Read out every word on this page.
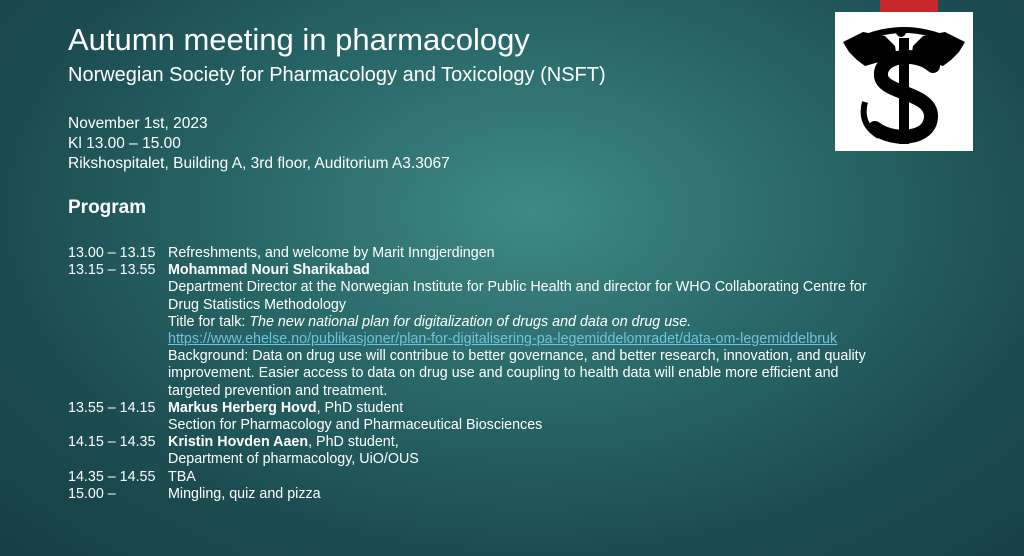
Autumn meeting in pharmacology
Norwegian Society for Pharmacology and Toxicology (NSFT)
November 1st, 2023
Kl 13.00 – 15.00
Rikshospitalet, Building A, 3rd floor, Auditorium A3.3067
Program
13.00 – 13.15 Refreshments, and welcome by Marit Inngjerdingen
13.15 – 13.55 Mohammad Nouri Sharikabad
Department Director at the Norwegian Institute for Public Health and director for WHO Collaborating Centre for Drug Statistics Methodology
Title for talk: The new national plan for digitalization of drugs and data on drug use.
https://www.ehelse.no/publikasjoner/plan-for-digitalisering-pa-legemiddelomradet/data-om-legemiddelbruk
Background: Data on drug use will contribue to better governance, and better research, innovation, and quality improvement. Easier access to data on drug use and coupling to health data will enable more efficient and targeted prevention and treatment.
13.55 – 14.15 Markus Herberg Hovd, PhD student
Section for Pharmacology and Pharmaceutical Biosciences
14.15 – 14.35 Kristin Hovden Aaen, PhD student,
Department of pharmacology, UiO/OUS
14.35 – 14.55 TBA
15.00 –	Mingling, quiz and pizza
